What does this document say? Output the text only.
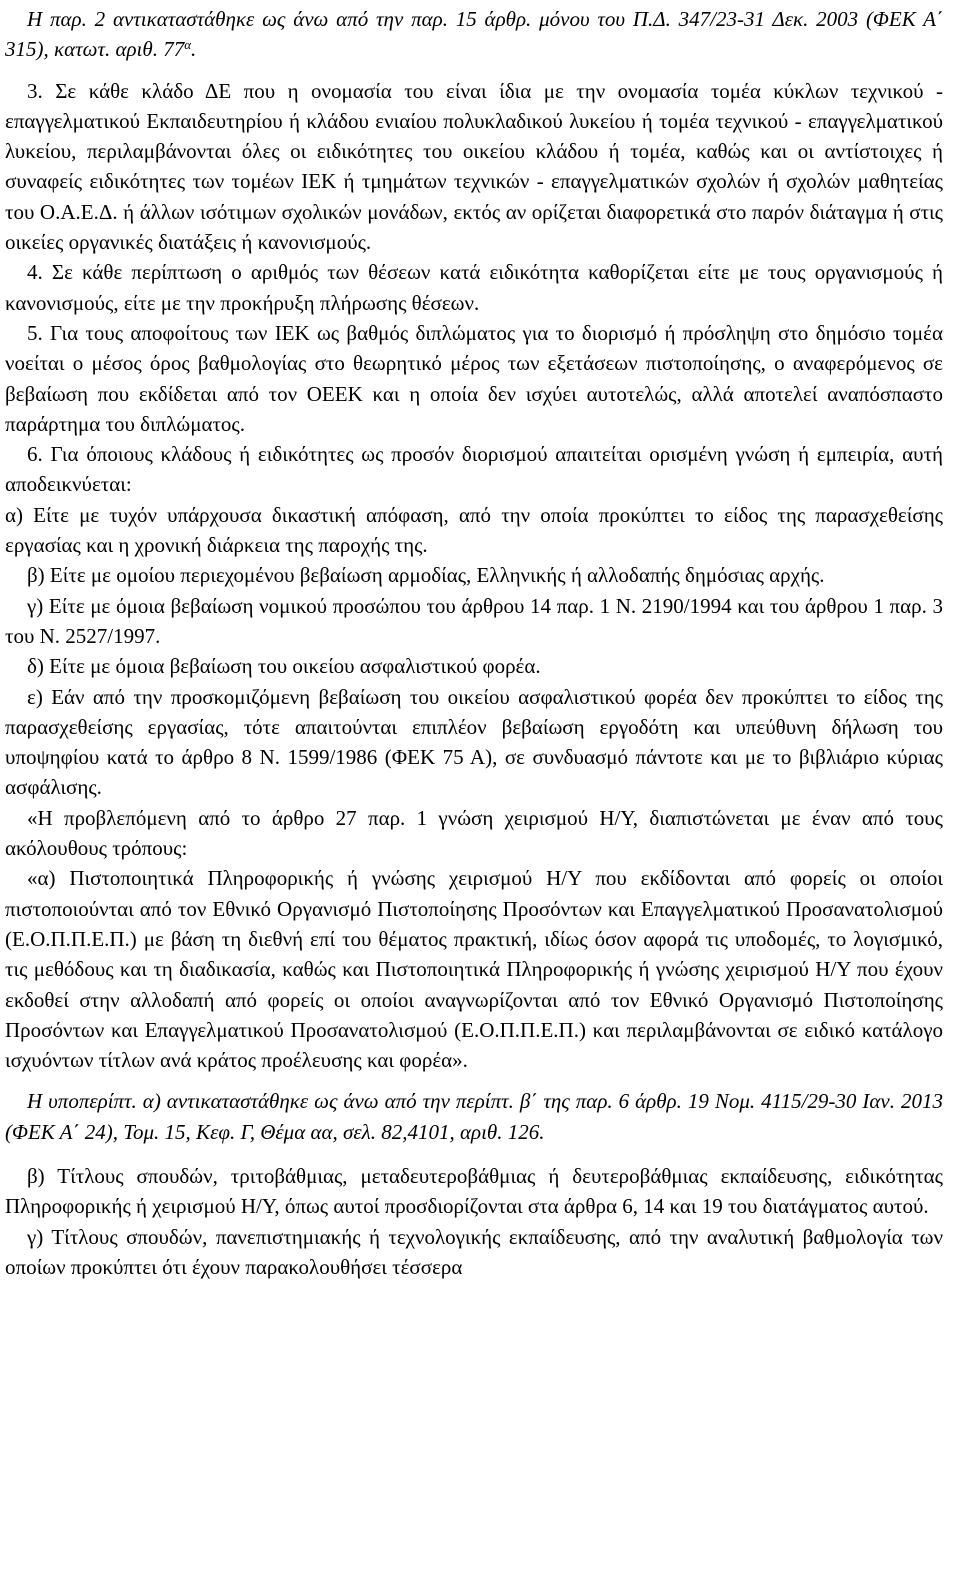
Η παρ. 2 αντικαταστάθηκε ως άνω από την παρ. 15 άρθρ. μόνου του Π.Δ. 347/23-31 Δεκ. 2003 (ΦΕΚ Α΄ 315), κατωτ. αριθ. $77^\alpha$.

3. Σε κάθε κλάδο ΔΕ που η ονομασία του είναι ίδια με την ονομασία τομέα κύκλων τεχνικού - επαγγελματικού Εκπαιδευτηρίου ή κλάδου ενιαίου πολυκλαδικού λυκείου ή τομέα τεχνικού - επαγγελματικού λυκείου, περιλαμβάνονται όλες οι ειδικότητες του οικείου κλάδου ή τομέα, καθώς και οι αντίστοιχες ή συναφείς ειδικότητες των τομέων ΙΕΚ ή τμημάτων τεχνικών - επαγγελματικών σχολών ή σχολών μαθητείας του Ο.Α.Ε.Δ. ή άλλων ισότιμων σχολικών μονάδων, εκτός αν ορίζεται διαφορετικά στο παρόν διάταγμα ή στις οικείες οργανικές διατάξεις ή κανονισμούς.

4. Σε κάθε περίπτωση ο αριθμός των θέσεων κατά ειδικότητα καθορίζεται είτε με τους οργανισμούς ή κανονισμούς, είτε με την προκήρυξη πλήρωσης θέσεων.

5. Για τους αποφοίτους των ΙΕΚ ως βαθμός διπλώματος για το διορισμό ή πρόσληψη στο δημόσιο τομέα νοείται ο μέσος όρος βαθμολογίας στο θεωρητικό μέρος των εξετάσεων πιστοποίησης, ο αναφερόμενος σε βεβαίωση που εκδίδεται από τον ΟΕΕΚ και η οποία δεν ισχύει αυτοτελώς, αλλά αποτελεί αναπόσπαστο παράρτημα του διπλώματος.

6. Για όποιους κλάδους ή ειδικότητες ως προσόν διορισμού απαιτείται ορισμένη γνώση ή εμπειρία, αυτή αποδεικνύεται:

α) Είτε με τυχόν υπάρχουσα δικαστική απόφαση, από την οποία προκύπτει το είδος της παρασχεθείσης εργασίας και η χρονική διάρκεια της παροχής της.

β) Είτε με ομοίου περιεχομένου βεβαίωση αρμοδίας, Ελληνικής ή αλλοδαπής δημόσιας αρχής.

γ) Είτε με όμοια βεβαίωση νομικού προσώπου του άρθρου 14 παρ. 1 Ν. 2190/1994 και του άρθρου 1 παρ. 3 του Ν. 2527/1997.

δ) Είτε με όμοια βεβαίωση του οικείου ασφαλιστικού φορέα.

ε) Εάν από την προσκομιζόμενη βεβαίωση του οικείου ασφαλιστικού φορέα δεν προκύπτει το είδος της παρασχεθείσης εργασίας, τότε απαιτούνται επιπλέον βεβαίωση εργοδότη και υπεύθυνη δήλωση του υποψηφίου κατά το άρθρο 8 Ν. 1599/1986 (ΦΕΚ 75 Α), σε συνδυασμό πάντοτε και με το βιβλιάριο κύριας ασφάλισης.

«Η προβλεπόμενη από το άρθρο 27 παρ. 1 γνώση χειρισμού Η/Υ, διαπιστώνεται με έναν από τους ακόλουθους τρόπους:

«α) Πιστοποιητικά Πληροφορικής ή γνώσης χειρισμού Η/Υ που εκδίδονται από φορείς οι οποίοι πιστοποιούνται από τον Εθνικό Οργανισμό Πιστοποίησης Προσόντων και Επαγγελματικού Προσανατολισμού (Ε.Ο.Π.Π.Ε.Π.) με βάση τη διεθνή επί του θέματος πρακτική, ιδίως όσον αφορά τις υποδομές, το λογισμικό, τις μεθόδους και τη διαδικασία, καθώς και Πιστοποιητικά Πληροφορικής ή γνώσης χειρισμού Η/Υ που έχουν εκδοθεί στην αλλοδαπή από φορείς οι οποίοι αναγνωρίζονται από τον Εθνικό Οργανισμό Πιστοποίησης Προσόντων και Επαγγελματικού Προσανατολισμού (Ε.Ο.Π.Π.Ε.Π.) και περιλαμβάνονται σε ειδικό κατάλογο ισχυόντων τίτλων ανά κράτος προέλευσης και φορέα».

Η υποπερίπτ. α) αντικαταστάθηκε ως άνω από την περίπτ. β΄ της παρ. 6 άρθρ. 19 Νομ. 4115/29-30 Ιαν. 2013 (ΦΕΚ Α΄ 24), Τομ. 15, Κεφ. Γ, Θέμα αα, σελ. 82,4101, αριθ. 126.

β) Τίτλους σπουδών, τριτοβάθμιας, μεταδευτεροβάθμιας ή δευτεροβάθμιας εκπαίδευσης, ειδικότητας Πληροφορικής ή χειρισμού Η/Υ, όπως αυτοί προσδιορίζονται στα άρθρα 6, 14 και 19 του διατάγματος αυτού.

γ) Τίτλους σπουδών, πανεπιστημιακής ή τεχνολογικής εκπαίδευσης, από την αναλυτική βαθμολογία των οποίων προκύπτει ότι έχουν παρακολουθήσει τέσσερα
